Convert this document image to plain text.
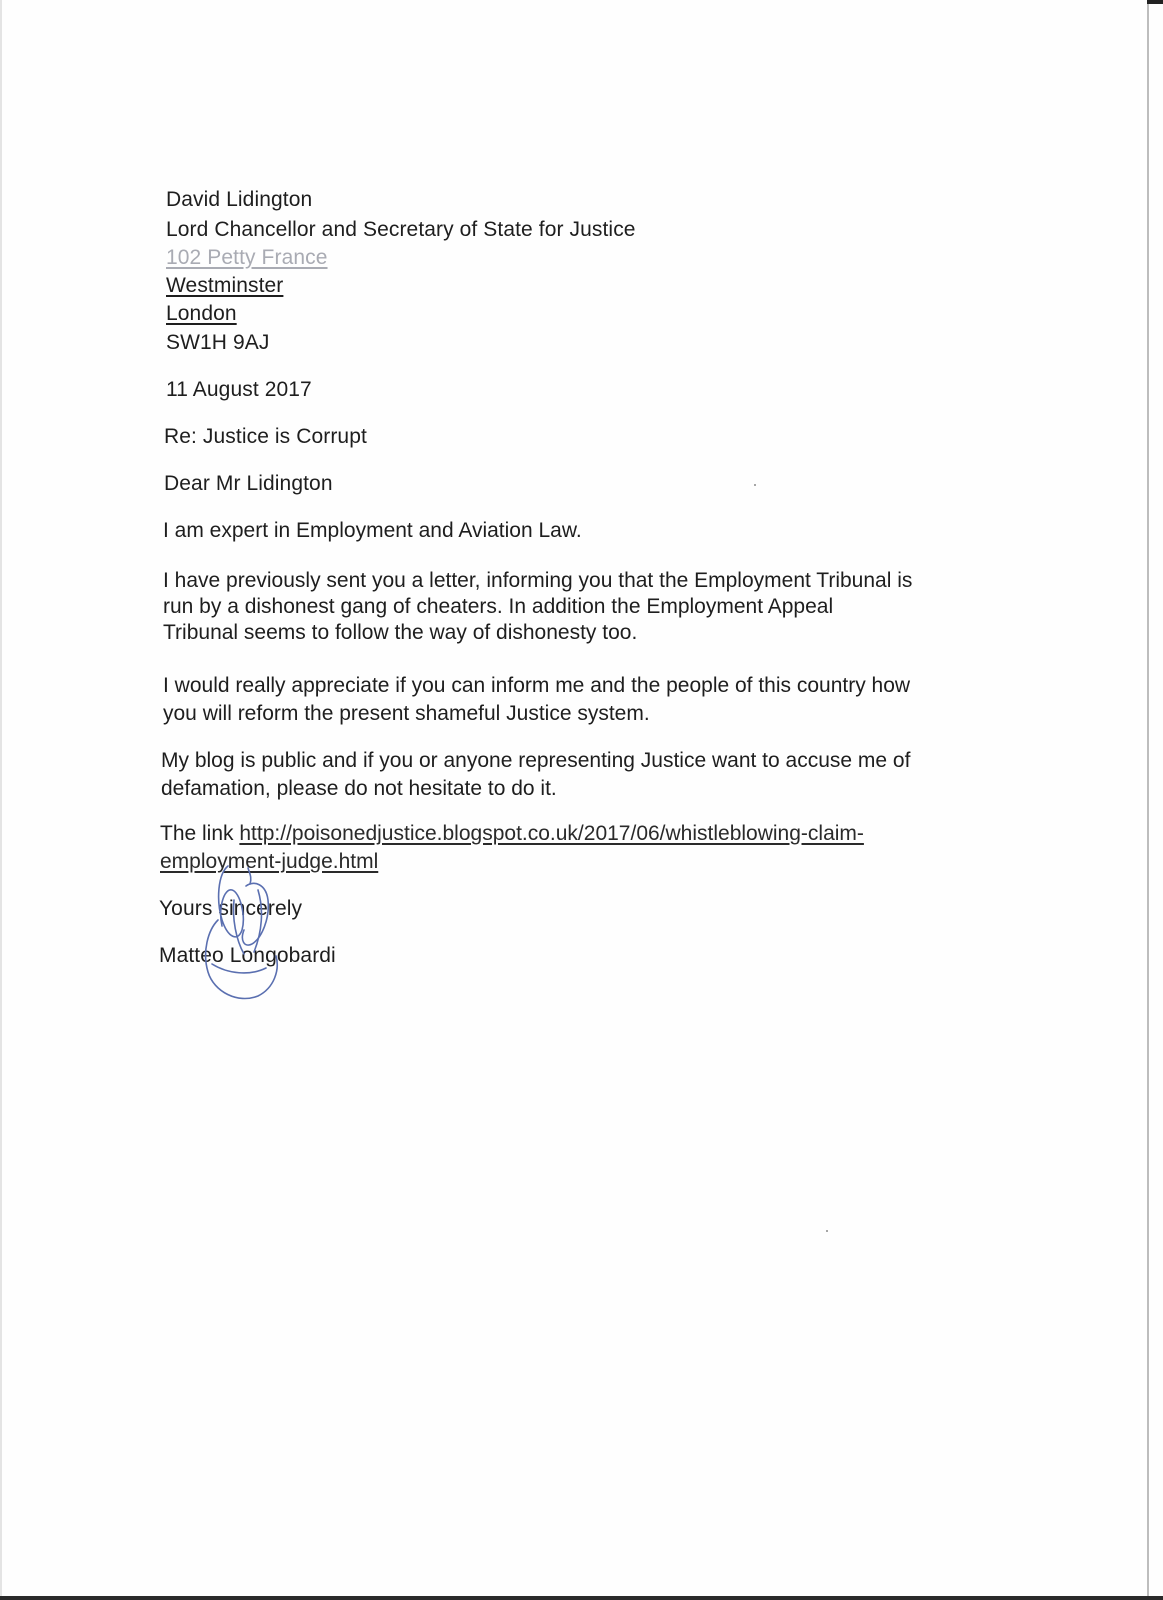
David Lidington
Lord Chancellor and Secretary of State for Justice
102 Petty France
Westminster
London
SW1H 9AJ
11 August 2017
Re: Justice is Corrupt
Dear Mr Lidington
I am expert in Employment and Aviation Law.
I have previously sent you a letter, informing you that the Employment Tribunal is
run by a dishonest gang of cheaters. In addition the Employment Appeal
Tribunal seems to follow the way of dishonesty too.
I would really appreciate if you can inform me and the people of this country how
you will reform the present shameful Justice system.
My blog is public and if you or anyone representing Justice want to accuse me of
defamation, please do not hesitate to do it.
The link http://poisonedjustice.blogspot.co.uk/2017/06/whistleblowing-claim-
employment-judge.html
Yours sincerely
Matteo Longobardi
